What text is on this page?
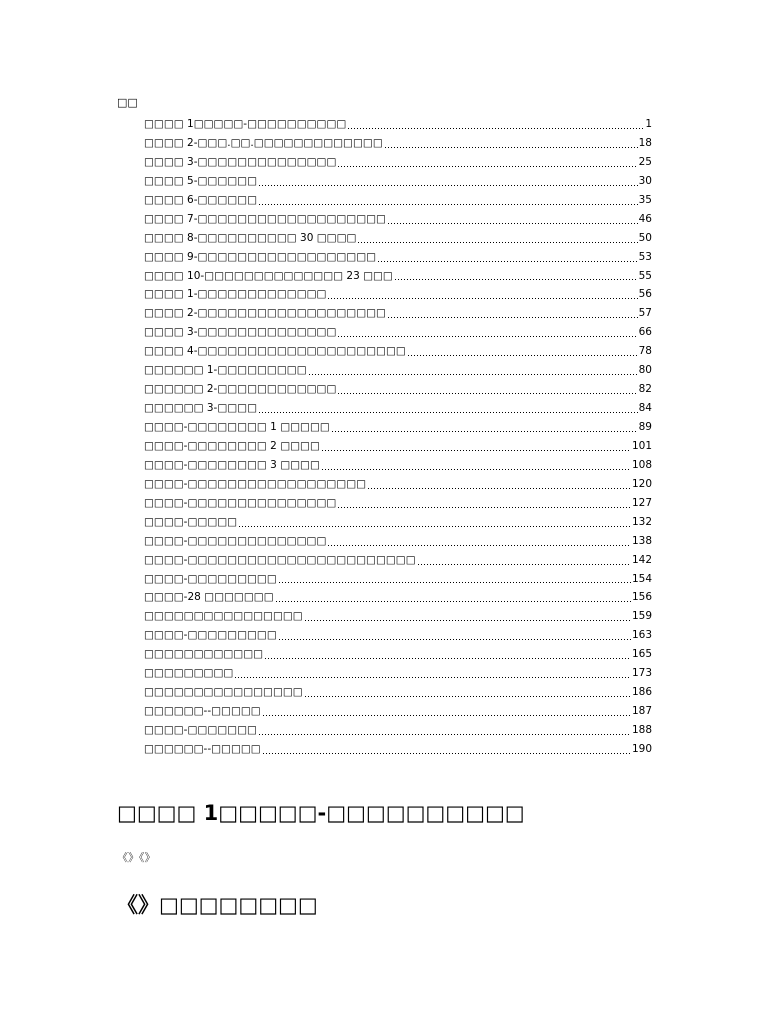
□□
□□□□ 1□□□□□-□□□□□□□□□□	1
□□□□ 2-□□□.□□.□□□□□□□□□□□□□	18
□□□□ 3-□□□□□□□□□□□□□□	25
□□□□ 5-□□□□□□	30
□□□□ 6-□□□□□□	35
□□□□ 7-□□□□□□□□□□□□□□□□□□□	46
□□□□ 8-□□□□□□□□□□ 30 □□□□	50
□□□□ 9-□□□□□□□□□□□□□□□□□□	53
□□□□ 10-□□□□□□□□□□□□□□ 23 □□□	55
□□□□ 1-□□□□□□□□□□□□□	56
□□□□ 2-□□□□□□□□□□□□□□□□□□□	57
□□□□ 3-□□□□□□□□□□□□□□	66
□□□□ 4-□□□□□□□□□□□□□□□□□□□□□	78
□□□□□□ 1-□□□□□□□□□	80
□□□□□□ 2-□□□□□□□□□□□□	82
□□□□□□ 3-□□□□	84
□□□□-□□□□□□□□ 1 □□□□□	89
□□□□-□□□□□□□□ 2 □□□□	101
□□□□-□□□□□□□□ 3 □□□□	108
□□□□-□□□□□□□□□□□□□□□□□□	120
□□□□-□□□□□□□□□□□□□□□	127
□□□□-□□□□□	132
□□□□-□□□□□□□□□□□□□□	138
□□□□-□□□□□□□□□□□□□□□□□□□□□□□	142
□□□□-□□□□□□□□□	154
□□□□-28 □□□□□□□	156
□□□□□□□□□□□□□□□□	159
□□□□-□□□□□□□□□	163
□□□□□□□□□□□□	165
□□□□□□□□□	173
□□□□□□□□□□□□□□□□	186
□□□□□□--□□□□□	187
□□□□-□□□□□□□	188
□□□□□□--□□□□□	190
□□□□ 1□□□□□-□□□□□□□□□□
《》《》
《》□□□□□□□□
